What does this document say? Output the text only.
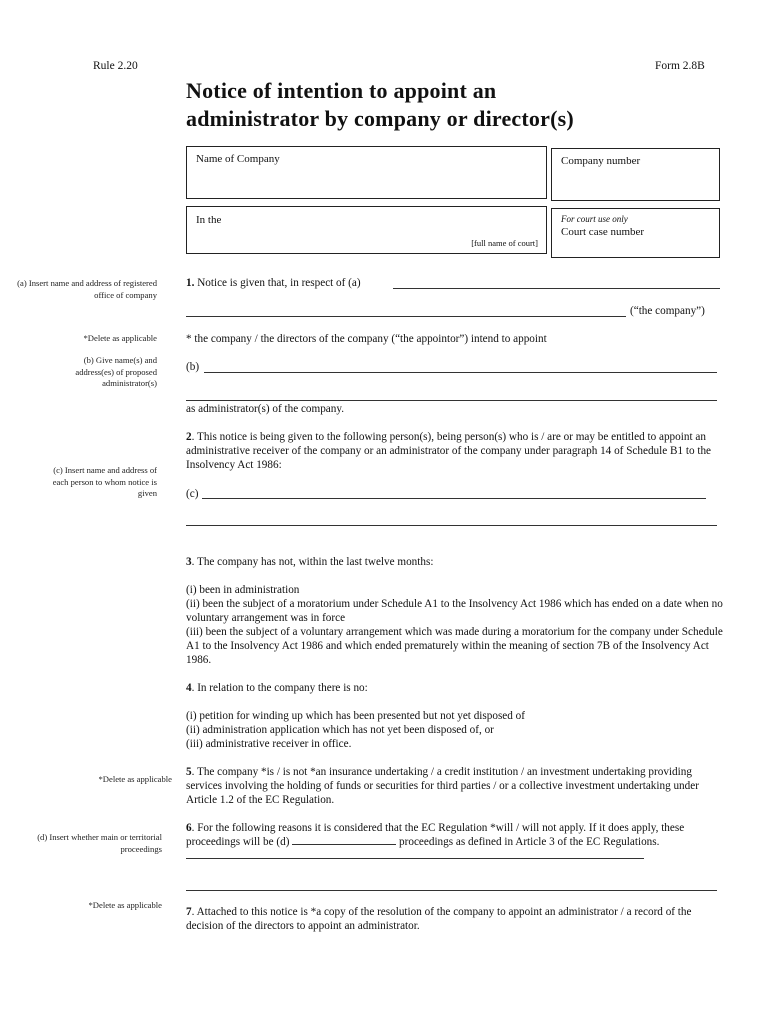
Rule 2.20	Form 2.8B
Notice of intention to appoint an
administrator by company or director(s)
Name of Company	Company number
In the
[full name of court]
For court use only
Court case number
(a) Insert name and address of registered office of company
*Delete as applicable
(b) Give name(s) and address(es) of proposed administrator(s)
(c) Insert name and address of each person to whom notice is given
*Delete as applicable
(d) Insert whether main or territorial proceedings
*Delete as applicable
1. Notice is given that, in respect of (a)
(“the company”)
* the company / the directors of the company (“the appointor”) intend to appoint
(b)
as administrator(s) of the company.
2. This notice is being given to the following person(s), being person(s) who is / are or may be entitled to appoint an administrative receiver of the company or an administrator of the company under paragraph 14 of Schedule B1 to the Insolvency Act 1986:
(c)
3. The company has not, within the last twelve months:

(i) been in administration

(ii) been the subject of a moratorium under Schedule A1 to the Insolvency Act 1986 which has ended on a date when no voluntary arrangement was in force

(iii) been the subject of a voluntary arrangement which was made during a moratorium for the company under Schedule A1 to the Insolvency Act 1986 and which ended prematurely within the meaning of section 7B of the Insolvency Act 1986.

4. In relation to the company there is no:

(i) petition for winding up which has been presented but not yet disposed of

(ii) administration application which has not yet been disposed of, or

(iii) administrative receiver in office.

5. The company *is / is not *an insurance undertaking / a credit institution / an investment undertaking providing services involving the holding of funds or securities for third parties / or a collective investment undertaking under Article 1.2 of the EC Regulation.
6. For the following reasons it is considered that the EC Regulation *will / will not apply. If it does apply, these proceedings will be (d)	proceedings as defined in Article 3 of the EC Regulations.
7. Attached to this notice is *a copy of the resolution of the company to appoint an administrator / a record of the decision of the directors to appoint an administrator.
